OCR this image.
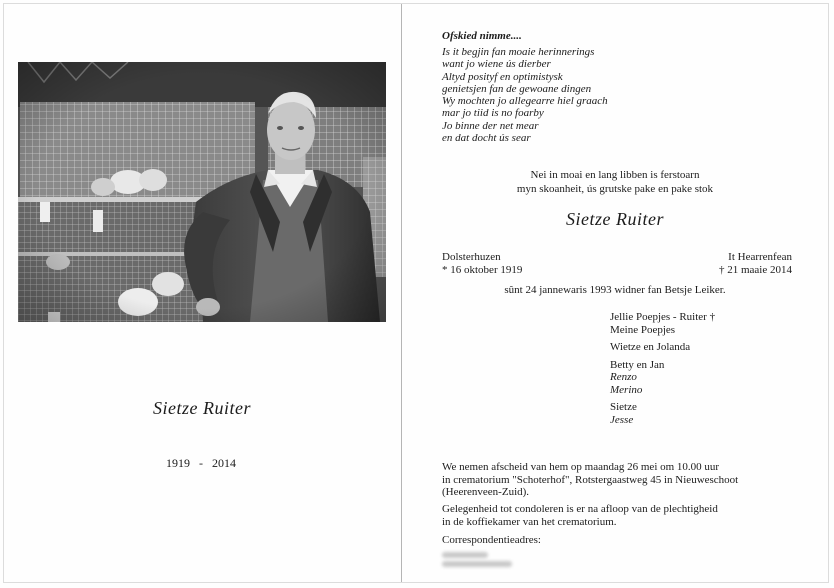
Sietze Ruiter
1919   -   2014
Ofskied nimme....
Is it begjin fan moaie herinnerings
want jo wiene ús dierber
Altyd posityf en optimistysk
genietsjen fan de gewoane dingen
Wy mochten jo allegearre hiel graach
mar jo tiid is no foarby
Jo binne der net mear
en dat docht ús sear
Nei in moai en lang libben is ferstoarn
myn skoanheit, ús grutske pake en pake stok
Sietze Ruiter
Dolsterhuzen
* 16 oktober 1919
It Hearrenfean
† 21 maaie 2014
sûnt 24 jannewaris 1993 widner fan Betsje Leiker.
Jellie Poepjes - Ruiter †
Meine Poepjes
Wietze en Jolanda
Betty en Jan
Renzo
Merino
Sietze
Jesse
We nemen afscheid van hem op maandag 26 mei om 10.00 uur
in crematorium "Schoterhof", Rotstergaastweg 45 in Nieuweschoot
(Heerenveen-Zuid).
Gelegenheid tot condoleren is er na afloop van de plechtigheid
in de koffiekamer van het crematorium.
Correspondentieadres:
